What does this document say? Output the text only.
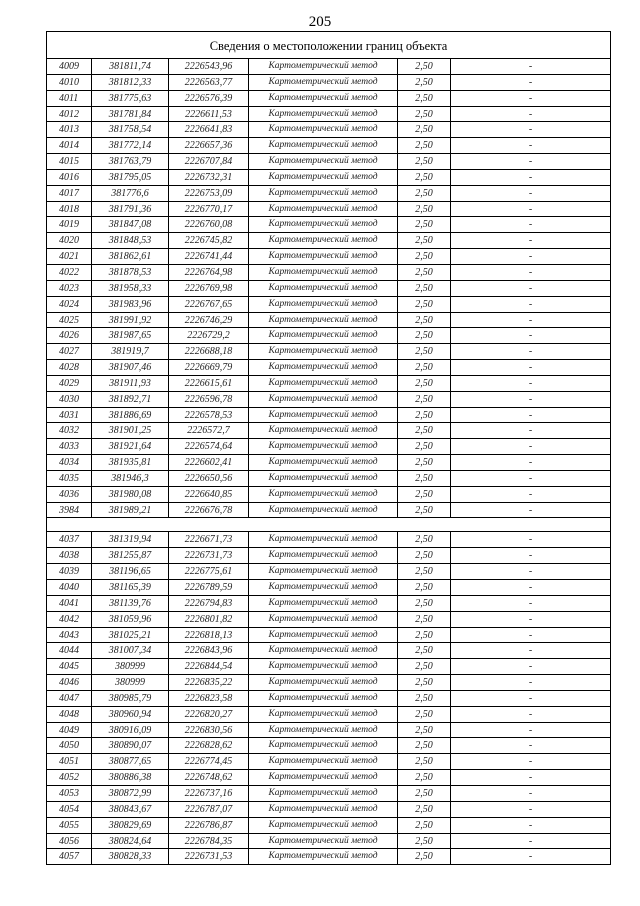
205
Сведения о местоположении границ объекта
4009	381811,74	2226543,96	Картометрический метод	2,50	-
4010	381812,33	2226563,77	Картометрический метод	2,50	-
4011	381775,63	2226576,39	Картометрический метод	2,50	-
4012	381781,84	2226611,53	Картометрический метод	2,50	-
4013	381758,54	2226641,83	Картометрический метод	2,50	-
4014	381772,14	2226657,36	Картометрический метод	2,50	-
4015	381763,79	2226707,84	Картометрический метод	2,50	-
4016	381795,05	2226732,31	Картометрический метод	2,50	-
4017	381776,6	2226753,09	Картометрический метод	2,50	-
4018	381791,36	2226770,17	Картометрический метод	2,50	-
4019	381847,08	2226760,08	Картометрический метод	2,50	-
4020	381848,53	2226745,82	Картометрический метод	2,50	-
4021	381862,61	2226741,44	Картометрический метод	2,50	-
4022	381878,53	2226764,98	Картометрический метод	2,50	-
4023	381958,33	2226769,98	Картометрический метод	2,50	-
4024	381983,96	2226767,65	Картометрический метод	2,50	-
4025	381991,92	2226746,29	Картометрический метод	2,50	-
4026	381987,65	2226729,2	Картометрический метод	2,50	-
4027	381919,7	2226688,18	Картометрический метод	2,50	-
4028	381907,46	2226669,79	Картометрический метод	2,50	-
4029	381911,93	2226615,61	Картометрический метод	2,50	-
4030	381892,71	2226596,78	Картометрический метод	2,50	-
4031	381886,69	2226578,53	Картометрический метод	2,50	-
4032	381901,25	2226572,7	Картометрический метод	2,50	-
4033	381921,64	2226574,64	Картометрический метод	2,50	-
4034	381935,81	2226602,41	Картометрический метод	2,50	-
4035	381946,3	2226650,56	Картометрический метод	2,50	-
4036	381980,08	2226640,85	Картометрический метод	2,50	-
3984	381989,21	2226676,78	Картометрический метод	2,50	-
4037	381319,94	2226671,73	Картометрический метод	2,50	-
4038	381255,87	2226731,73	Картометрический метод	2,50	-
4039	381196,65	2226775,61	Картометрический метод	2,50	-
4040	381165,39	2226789,59	Картометрический метод	2,50	-
4041	381139,76	2226794,83	Картометрический метод	2,50	-
4042	381059,96	2226801,82	Картометрический метод	2,50	-
4043	381025,21	2226818,13	Картометрический метод	2,50	-
4044	381007,34	2226843,96	Картометрический метод	2,50	-
4045	380999	2226844,54	Картометрический метод	2,50	-
4046	380999	2226835,22	Картометрический метод	2,50	-
4047	380985,79	2226823,58	Картометрический метод	2,50	-
4048	380960,94	2226820,27	Картометрический метод	2,50	-
4049	380916,09	2226830,56	Картометрический метод	2,50	-
4050	380890,07	2226828,62	Картометрический метод	2,50	-
4051	380877,65	2226774,45	Картометрический метод	2,50	-
4052	380886,38	2226748,62	Картометрический метод	2,50	-
4053	380872,99	2226737,16	Картометрический метод	2,50	-
4054	380843,67	2226787,07	Картометрический метод	2,50	-
4055	380829,69	2226786,87	Картометрический метод	2,50	-
4056	380824,64	2226784,35	Картометрический метод	2,50	-
4057	380828,33	2226731,53	Картометрический метод	2,50	-
